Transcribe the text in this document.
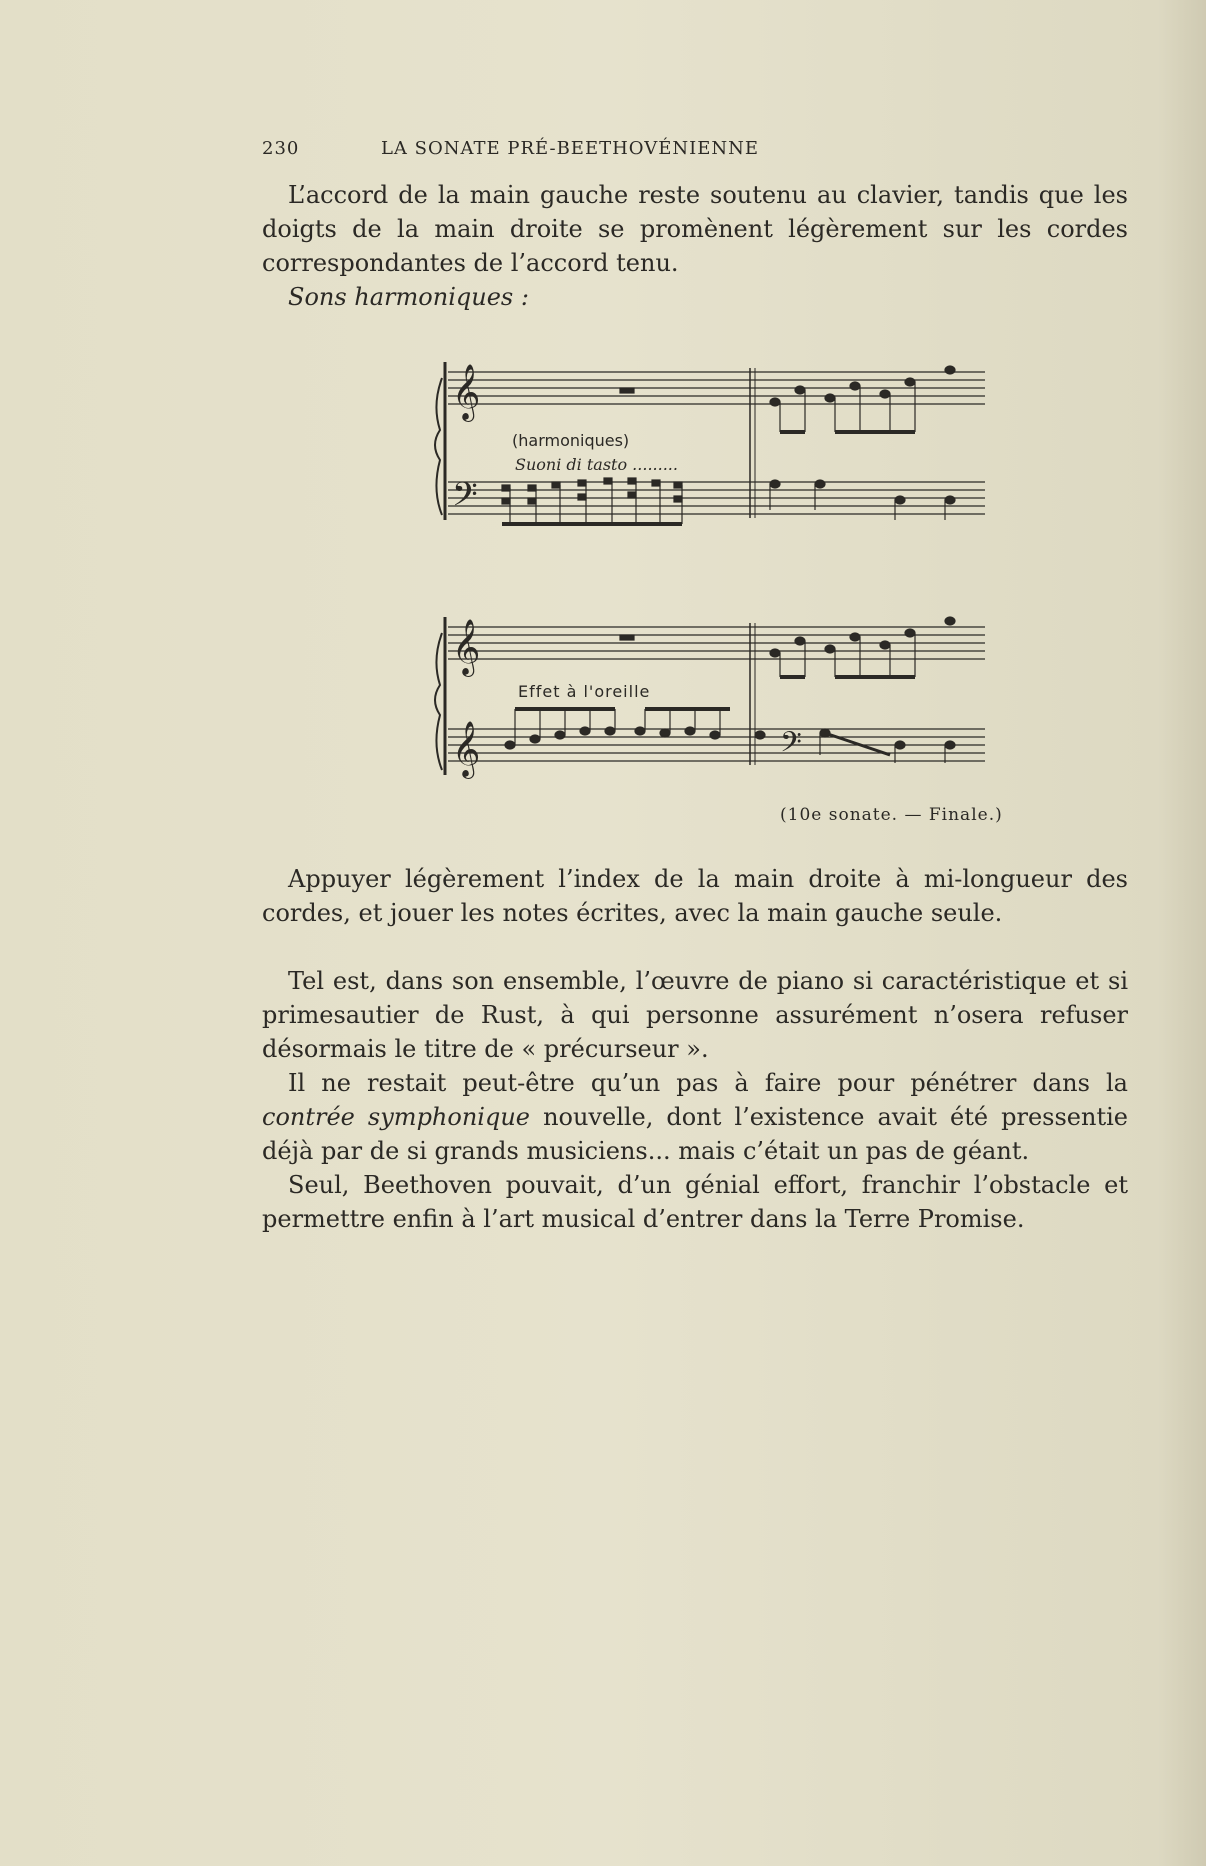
230	LA SONATE PRÉ-BEETHOVÉNIENNE

L’accord de la main gauche reste soutenu au clavier, tandis que les doigts de la main droite se promènent légèrement sur les cordes correspondantes de l’accord tenu.

Sons harmoniques :

𝄞
𝄢
(harmoniques)
Suoni di tasto .........
𝄞
𝄞	𝄢
Effet à l'oreille
(10e sonate. — Finale.)

Appuyer légèrement l’index de la main droite à mi-longueur des cordes, et jouer les notes écrites, avec la main gauche seule.

Tel est, dans son ensemble, l’œuvre de piano si caractéristique et si primesautier de Rust, à qui personne assurément n’osera refuser désormais le titre de « précurseur ».

Il ne restait peut-être qu’un pas à faire pour pénétrer dans la contrée symphonique nouvelle, dont l’existence avait été pressentie déjà par de si grands musiciens... mais c’était un pas de géant.

Seul, Beethoven pouvait, d’un génial effort, franchir l’obstacle et permettre enfin à l’art musical d’entrer dans la Terre Promise.
